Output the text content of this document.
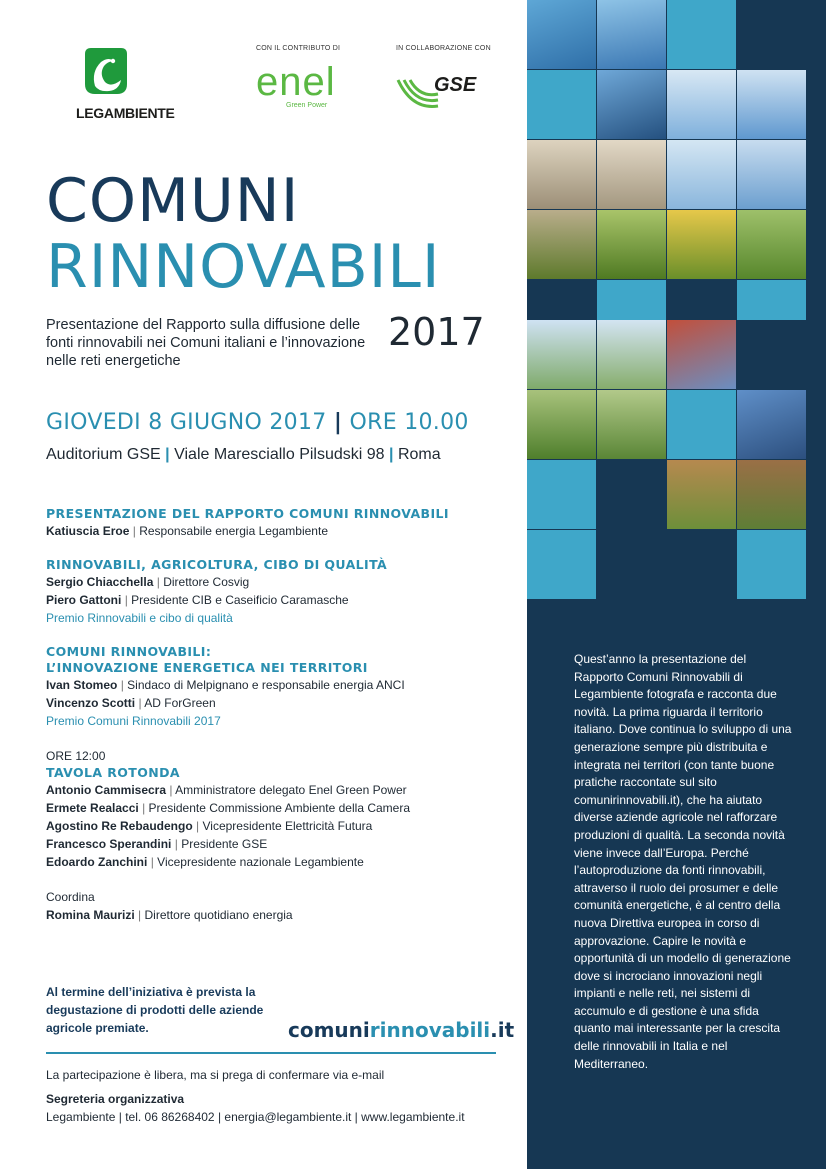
LEGAMBIENTE
CON IL CONTRIBUTO DI
enel
Green Power
IN COLLABORAZIONE CON
GSE
COMUNI
RINNOVABILI
2017
Presentazione del Rapporto sulla diffusione delle fonti rinnovabili nei Comuni italiani e l’innovazione nelle reti energetiche
GIOVEDI 8 GIUGNO 2017 | ORE 10.00
Auditorium GSE | Viale Maresciallo Pilsudski 98 | Roma
PRESENTAZIONE DEL RAPPORTO COMUNI RINNOVABILI
Katiuscia Eroe | Responsabile energia Legambiente
RINNOVABILI, AGRICOLTURA, CIBO DI QUALITÀ
Sergio Chiacchella | Direttore Cosvig
Piero Gattoni | Presidente CIB e Caseificio Caramasche
Premio Rinnovabili e cibo di qualità
COMUNI RINNOVABILI:
L’INNOVAZIONE ENERGETICA NEI TERRITORI
Ivan Stomeo | Sindaco di Melpignano e responsabile energia ANCI
Vincenzo Scotti | AD ForGreen
Premio Comuni Rinnovabili 2017
ORE 12:00
TAVOLA ROTONDA
Antonio Cammisecra | Amministratore delegato Enel Green Power
Ermete Realacci | Presidente Commissione Ambiente della Camera
Agostino Re Rebaudengo | Vicepresidente Elettricità Futura
Francesco Sperandini | Presidente GSE
Edoardo Zanchini | Vicepresidente nazionale Legambiente
Coordina
Romina Maurizi | Direttore quotidiano energia
Al termine dell’iniziativa è prevista la degustazione di prodotti delle aziende agricole premiate.	comunirinnovabili.it
La partecipazione è libera, ma si prega di confermare via e-mail
Segreteria organizzativa
Legambiente | tel. 06 86268402 | energia@legambiente.it | www.legambiente.it
Quest’anno la presentazione del Rapporto Comuni Rinnovabili di Legambiente fotografa e racconta due novità. La prima riguarda il territorio italiano. Dove continua lo sviluppo di una generazione sempre più distribuita e integrata nei territori (con tante buone pratiche raccontate sul sito comunirinnovabili.it), che ha aiutato diverse aziende agricole nel rafforzare produzioni di qualità. La seconda novità viene invece dall’Europa. Perché l’autoproduzione da fonti rinnovabili, attraverso il ruolo dei prosumer e delle comunità energetiche, è al centro della nuova Direttiva europea in corso di approvazione. Capire le novità e opportunità di un modello di generazione dove si incrociano innovazioni negli impianti e nelle reti, nei sistemi di accumulo e di gestione è una sfida quanto mai interessante per la crescita delle rinnovabili in Italia e nel Mediterraneo.
